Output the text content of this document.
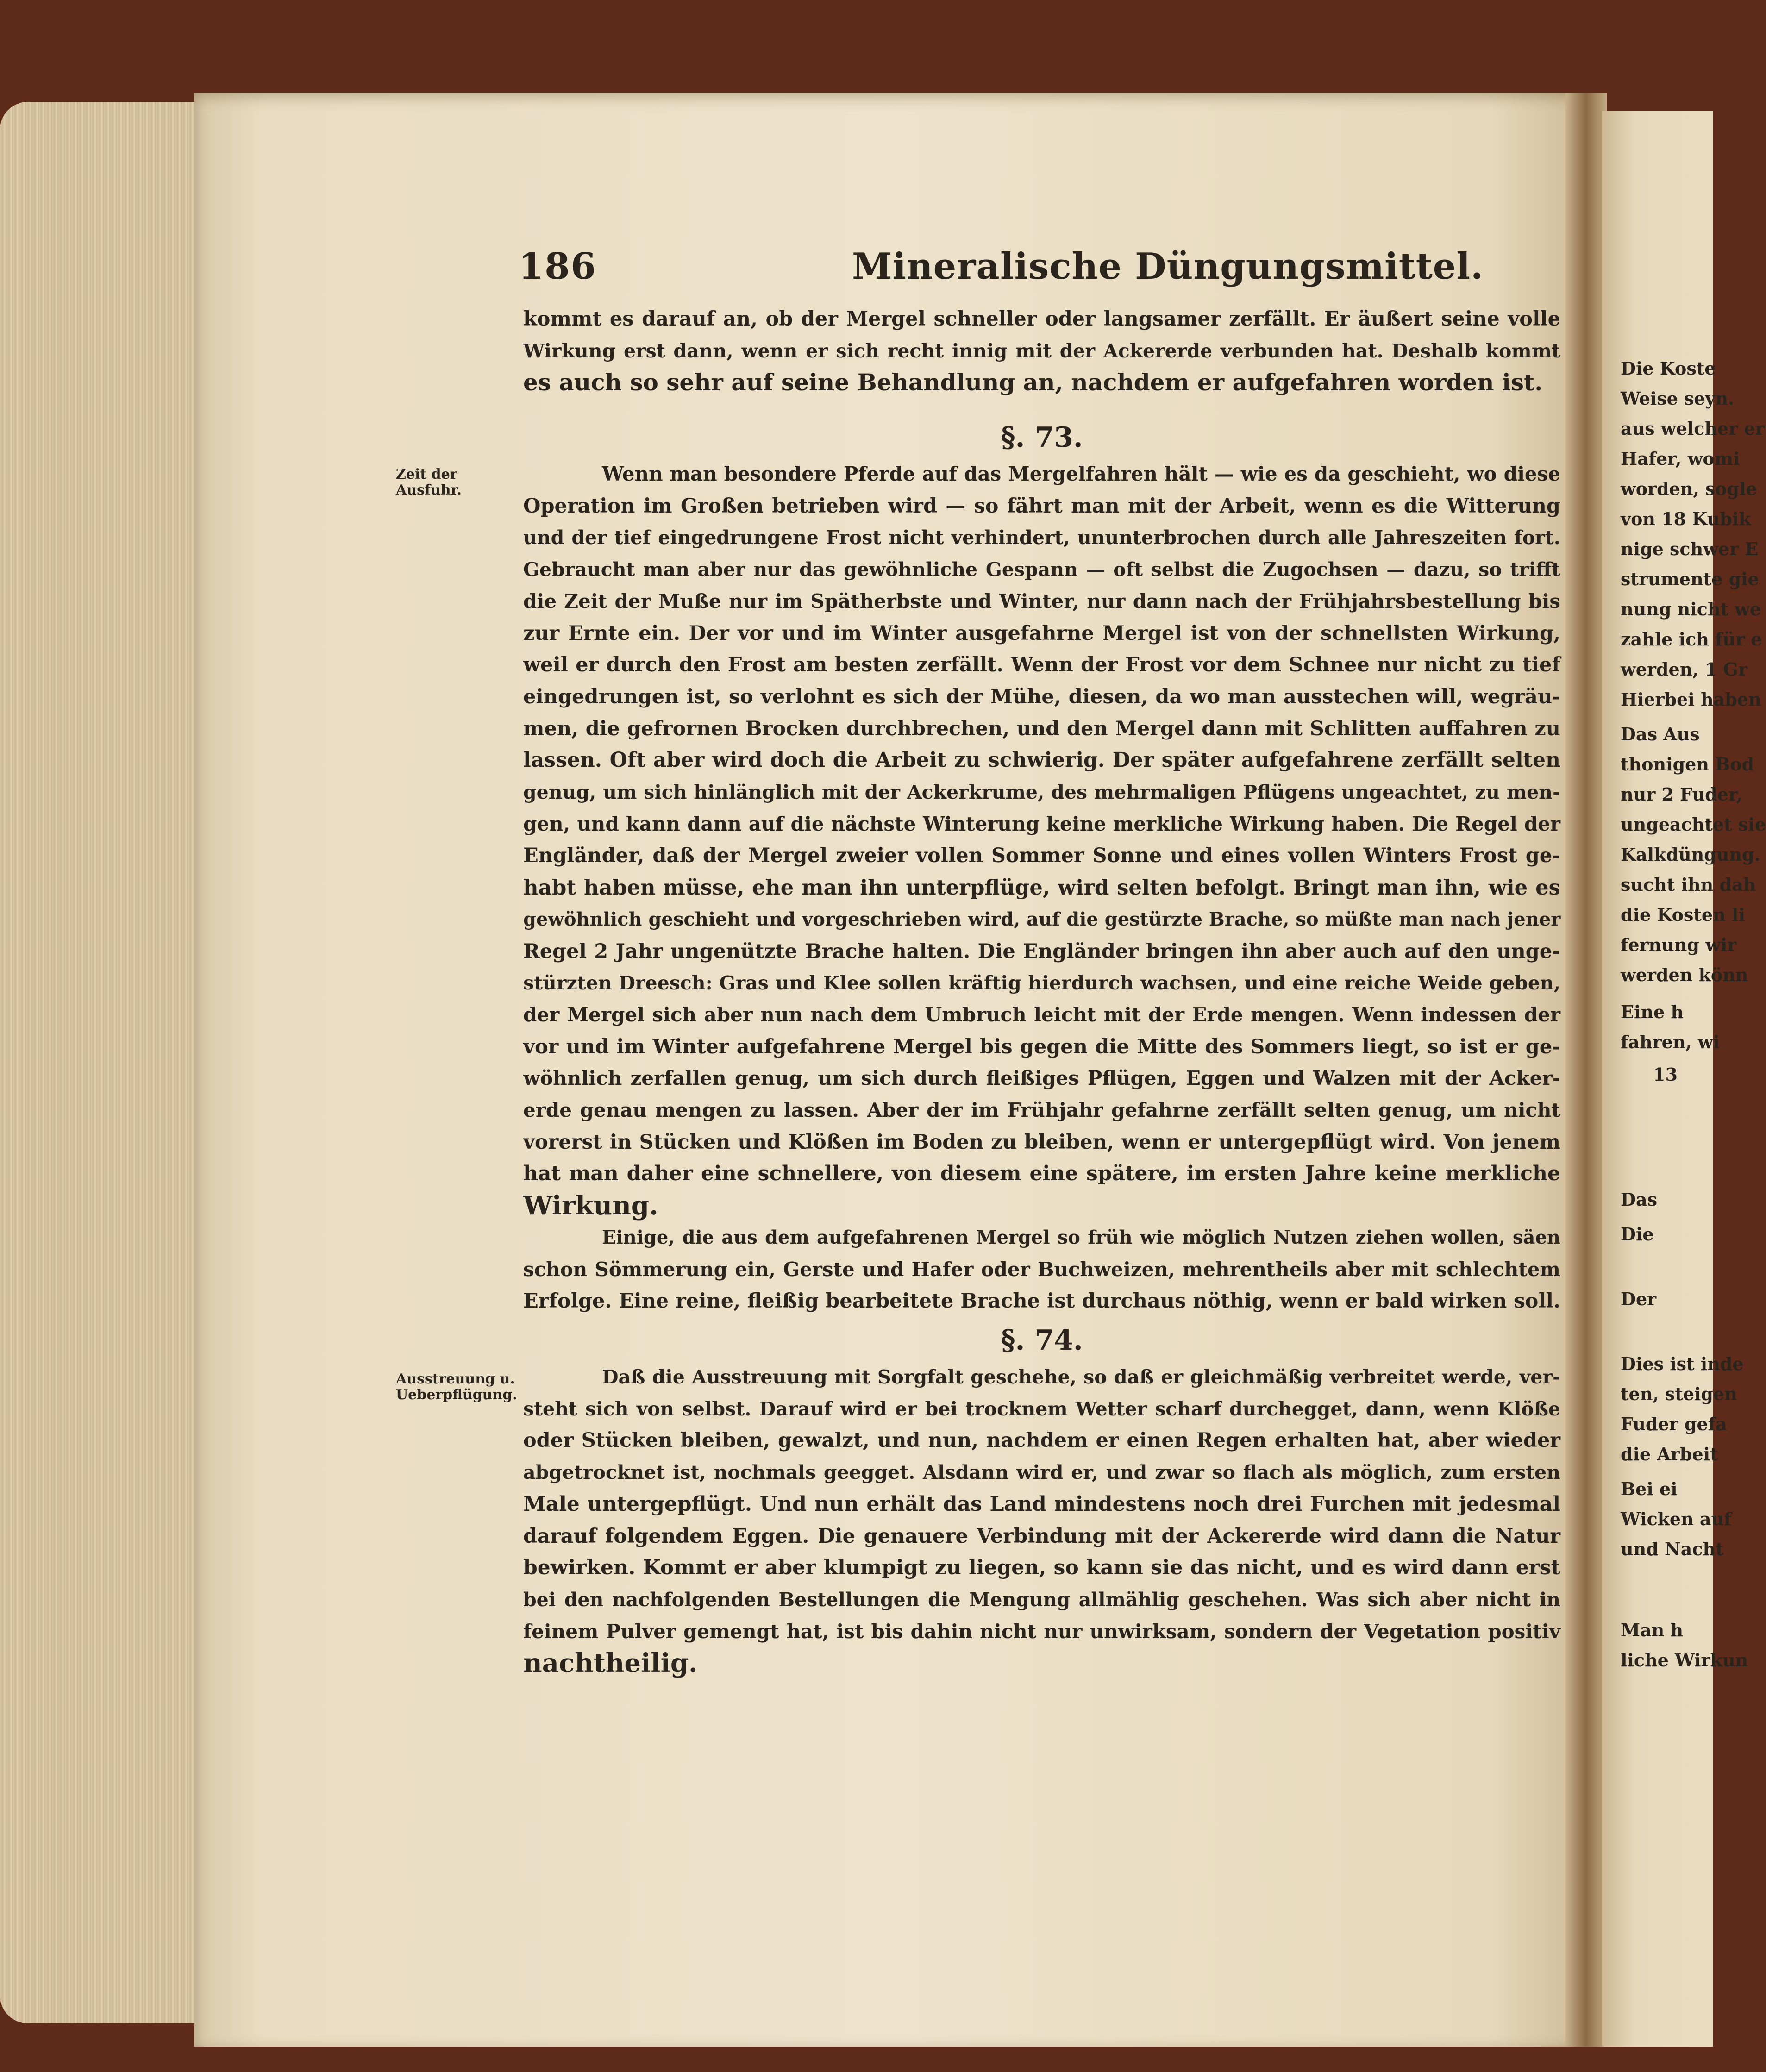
186	Mineralische Düngungsmittel.
kommt es darauf an, ob der Mergel schneller oder langsamer zerfällt. Er äußert seine volle
Wirkung erst dann, wenn er sich recht innig mit der Ackererde verbunden hat. Deshalb kommt
es auch so sehr auf seine Behandlung an, nachdem er aufgefahren worden ist.
§. 73.
Zeit der Ausfuhr.
Wenn man besondere Pferde auf das Mergelfahren hält — wie es da geschieht, wo diese
Operation im Großen betrieben wird — so fährt man mit der Arbeit, wenn es die Witterung
und der tief eingedrungene Frost nicht verhindert, ununterbrochen durch alle Jahreszeiten fort.
Gebraucht man aber nur das gewöhnliche Gespann — oft selbst die Zugochsen — dazu, so trifft
die Zeit der Muße nur im Spätherbste und Winter, nur dann nach der Frühjahrsbestellung bis
zur Ernte ein. Der vor und im Winter ausgefahrne Mergel ist von der schnellsten Wirkung,
weil er durch den Frost am besten zerfällt. Wenn der Frost vor dem Schnee nur nicht zu tief
eingedrungen ist, so verlohnt es sich der Mühe, diesen, da wo man ausstechen will, wegräu-
men, die gefrornen Brocken durchbrechen, und den Mergel dann mit Schlitten auffahren zu
lassen. Oft aber wird doch die Arbeit zu schwierig. Der später aufgefahrene zerfällt selten
genug, um sich hinlänglich mit der Ackerkrume, des mehrmaligen Pflügens ungeachtet, zu men-
gen, und kann dann auf die nächste Winterung keine merkliche Wirkung haben. Die Regel der
Engländer, daß der Mergel zweier vollen Sommer Sonne und eines vollen Winters Frost ge-
habt haben müsse, ehe man ihn unterpflüge, wird selten befolgt. Bringt man ihn, wie es
gewöhnlich geschieht und vorgeschrieben wird, auf die gestürzte Brache, so müßte man nach jener
Regel 2 Jahr ungenützte Brache halten. Die Engländer bringen ihn aber auch auf den unge-
stürzten Dreesch: Gras und Klee sollen kräftig hierdurch wachsen, und eine reiche Weide geben,
der Mergel sich aber nun nach dem Umbruch leicht mit der Erde mengen. Wenn indessen der
vor und im Winter aufgefahrene Mergel bis gegen die Mitte des Sommers liegt, so ist er ge-
wöhnlich zerfallen genug, um sich durch fleißiges Pflügen, Eggen und Walzen mit der Acker-
erde genau mengen zu lassen. Aber der im Frühjahr gefahrne zerfällt selten genug, um nicht
vorerst in Stücken und Klößen im Boden zu bleiben, wenn er untergepflügt wird. Von jenem
hat man daher eine schnellere, von diesem eine spätere, im ersten Jahre keine merkliche
Wirkung.
Einige, die aus dem aufgefahrenen Mergel so früh wie möglich Nutzen ziehen wollen, säen
schon Sömmerung ein, Gerste und Hafer oder Buchweizen, mehrentheils aber mit schlechtem
Erfolge. Eine reine, fleißig bearbeitete Brache ist durchaus nöthig, wenn er bald wirken soll.
§. 74.
Ausstreuung u. Ueberpflügung.
Daß die Ausstreuung mit Sorgfalt geschehe, so daß er gleichmäßig verbreitet werde, ver-
steht sich von selbst. Darauf wird er bei trocknem Wetter scharf durchegget, dann, wenn Klöße
oder Stücken bleiben, gewalzt, und nun, nachdem er einen Regen erhalten hat, aber wieder
abgetrocknet ist, nochmals geegget. Alsdann wird er, und zwar so flach als möglich, zum ersten
Male untergepflügt. Und nun erhält das Land mindestens noch drei Furchen mit jedesmal
darauf folgendem Eggen. Die genauere Verbindung mit der Ackererde wird dann die Natur
bewirken. Kommt er aber klumpigt zu liegen, so kann sie das nicht, und es wird dann erst
bei den nachfolgenden Bestellungen die Mengung allmählig geschehen. Was sich aber nicht in
feinem Pulver gemengt hat, ist bis dahin nicht nur unwirksam, sondern der Vegetation positiv
nachtheilig.
Die Koste
Weise seyn.
aus welcher er
Hafer, womi
worden, sogle
von 18 Kubik
nige schwer E
strumente gie
nung nicht we
zahle ich für e
werden, 1 Gr
Hierbei haben
Das Aus
thonigen Bod
nur 2 Fuder,
ungeachtet sie
Kalkdüngung.
sucht ihn dah
die Kosten li
fernung wir
werden könn
Eine h
fahren, wi
13
Das
Die
Der
Dies ist inde
ten, steigen
Fuder gefa
die Arbeit
Bei ei
Wicken auf
und Nacht
Man h
liche Wirkun
